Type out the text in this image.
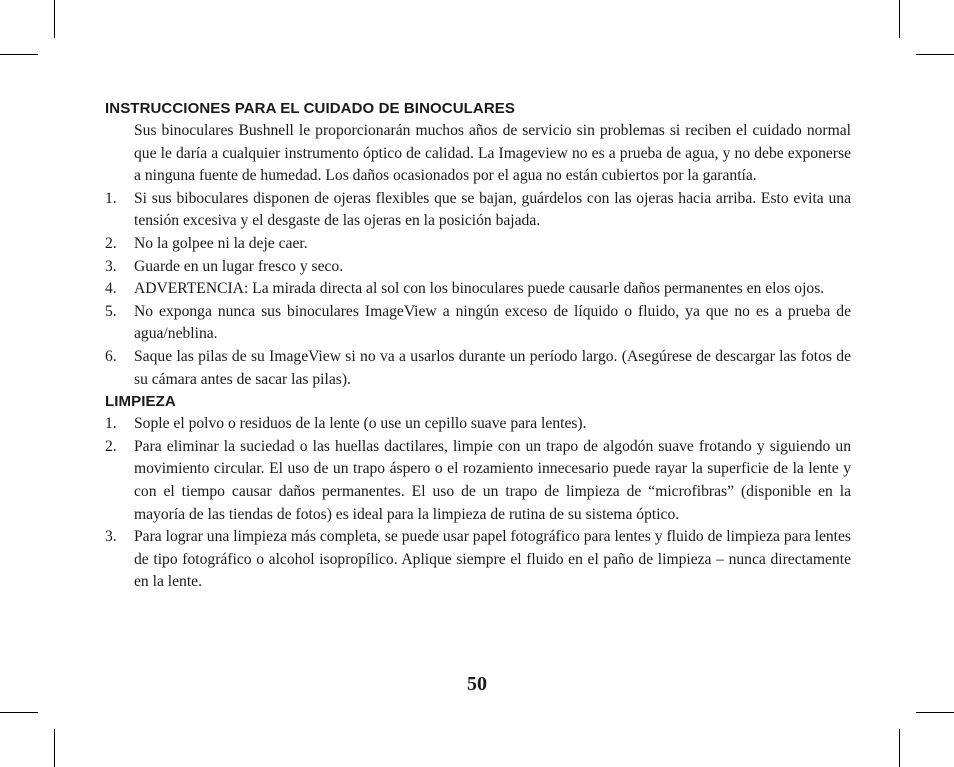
INSTRUCCIONES PARA EL CUIDADO DE BINOCULARES

Sus binoculares Bushnell le proporcionarán muchos años de servicio sin problemas si reciben el cuidado normal que le daría a cualquier instrumento óptico de calidad. La Imageview no es a prueba de agua, y no debe exponerse a ninguna fuente de humedad. Los daños ocasionados por el agua no están cubiertos por la garantía.

1. Si sus biboculares disponen de ojeras flexibles que se bajan, guárdelos con las ojeras hacia arriba. Esto evita una tensión excesiva y el desgaste de las ojeras en la posición bajada.
2. No la golpee ni la deje caer.
3. Guarde en un lugar fresco y seco.
4. ADVERTENCIA: La mirada directa al sol con los binoculares puede causarle daños permanentes en elos ojos.
5. No exponga nunca sus binoculares ImageView a ningún exceso de líquido o fluido, ya que no es a prueba de agua/neblina.
6. Saque las pilas de su ImageView si no va a usarlos durante un período largo. (Asegúrese de descargar las fotos de su cámara antes de sacar las pilas).
LIMPIEZA
1. Sople el polvo o residuos de la lente (o use un cepillo suave para lentes).
2. Para eliminar la suciedad o las huellas dactilares, limpie con un trapo de algodón suave frotando y siguiendo un movimiento circular. El uso de un trapo áspero o el rozamiento innecesario puede rayar la superficie de la lente y con el tiempo causar daños permanentes. El uso de un trapo de limpieza de “microfibras” (disponible en la mayoría de las tiendas de fotos) es ideal para la limpieza de rutina de su sistema óptico.
3. Para lograr una limpieza más completa, se puede usar papel fotográfico para lentes y fluido de limpieza para lentes de tipo fotográfico o alcohol isopropílico. Aplique siempre el fluido en el paño de limpieza – nunca directamente en la lente.
50
